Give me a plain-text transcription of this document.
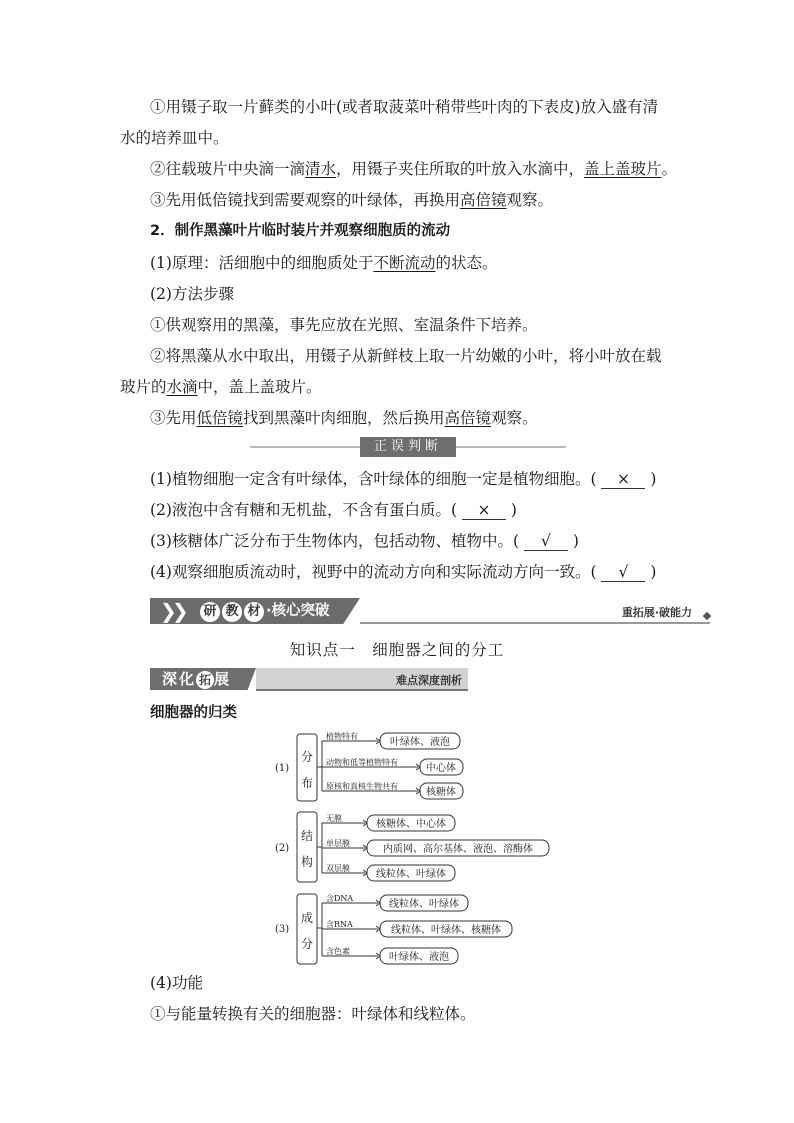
①用镊子取一片藓类的小叶(或者取菠菜叶稍带些叶肉的下表皮)放入盛有清
水的培养皿中。
②往载玻片中央滴一滴清水，用镊子夹住所取的叶放入水滴中，盖上盖玻片。
③先用低倍镜找到需要观察的叶绿体，再换用高倍镜观察。
2．制作黑藻叶片临时装片并观察细胞质的流动
(1)原理：活细胞中的细胞质处于不断流动的状态。
(2)方法步骤
①供观察用的黑藻，事先应放在光照、室温条件下培养。
②将黑藻从水中取出，用镊子从新鲜枝上取一片幼嫩的小叶，将小叶放在载
玻片的水滴中，盖上盖玻片。
③先用低倍镜找到黑藻叶肉细胞，然后换用高倍镜观察。
正误判断
(1)植物细胞一定含有叶绿体，含叶绿体的细胞一定是植物细胞。( × )
(2)液泡中含有糖和无机盐，不含有蛋白质。( × )
(3)核糖体广泛分布于生物体内，包括动物、植物中。( √ )
(4)观察细胞质流动时，视野中的流动方向和实际流动方向一致。( √ )
❯
❯ 研 教 材 ·核心突破	重拓展·破能力
知识点一　细胞器之间的分工
深化 拓 展	难点深度剖析
细胞器的归类
(1)
分
布
植物特有
动物和低等植物特有
原核和真核生物共有
叶绿体、液泡
中心体
核糖体
(2)
结
构
无膜
单层膜
双层膜
核糖体、中心体
内质网、高尔基体、液泡、溶酶体
线粒体、叶绿体
(3)
成
分
含DNA
含RNA
含色素
线粒体、叶绿体
线粒体、叶绿体、核糖体
叶绿体、液泡
(4)功能
①与能量转换有关的细胞器：叶绿体和线粒体。
